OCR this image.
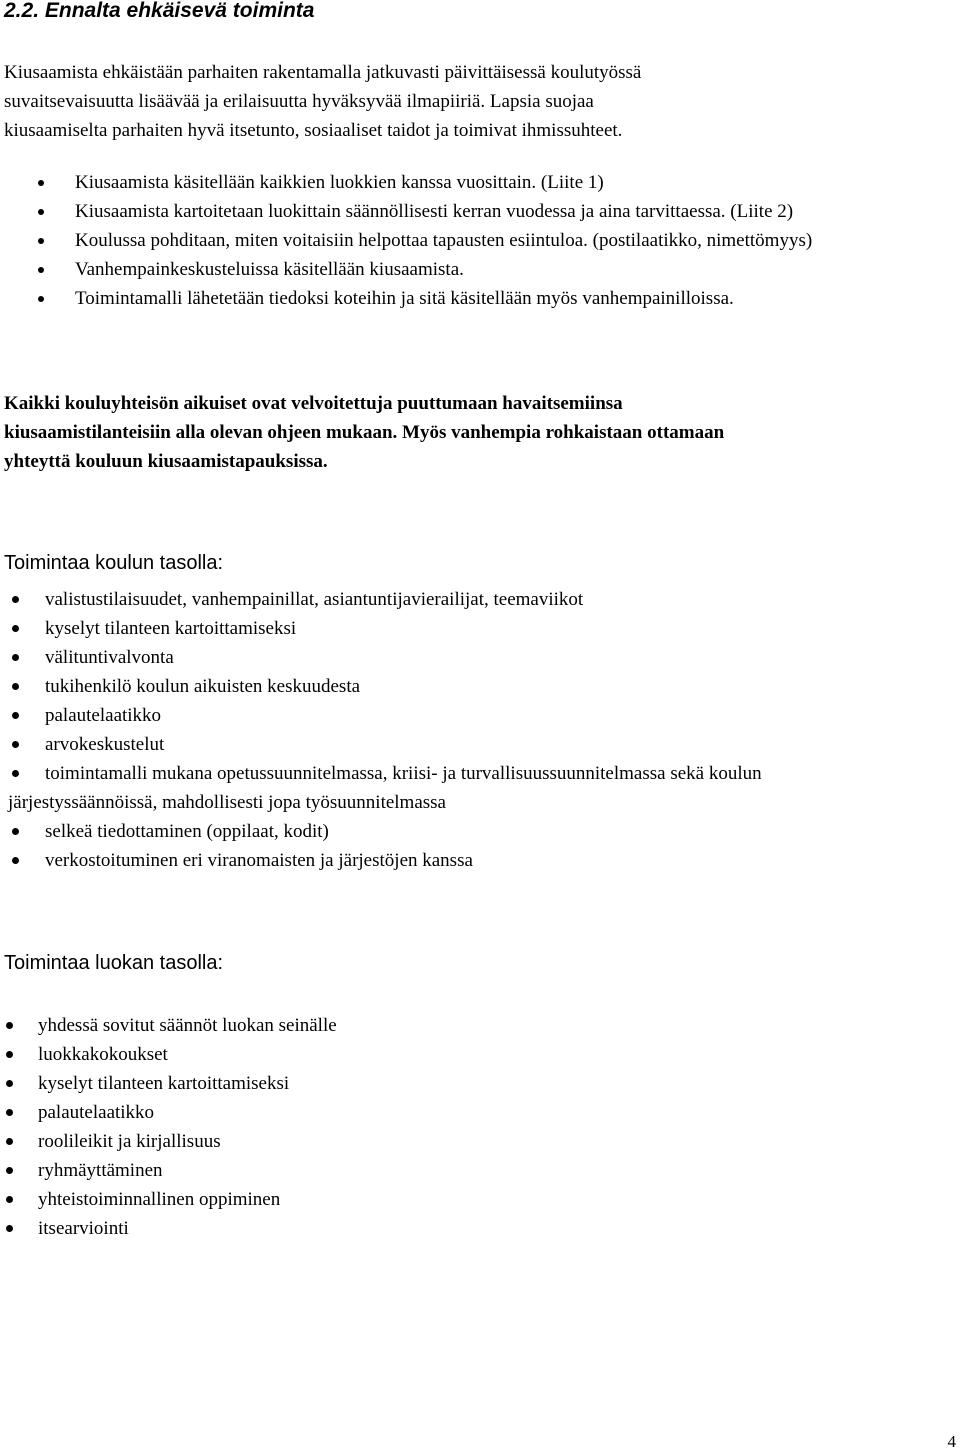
2.2. Ennalta ehkäisevä toiminta

Kiusaamista ehkäistään parhaiten rakentamalla jatkuvasti päivittäisessä koulutyössä
suvaitsevaisuutta lisäävää ja erilaisuutta hyväksyvää ilmapiiriä. Lapsia suojaa
kiusaamiselta parhaiten hyvä itsetunto, sosiaaliset taidot ja toimivat ihmissuhteet.

Kiusaamista käsitellään kaikkien luokkien kanssa vuosittain. (Liite 1)
Kiusaamista kartoitetaan luokittain säännöllisesti kerran vuodessa ja aina tarvittaessa. (Liite 2)
Koulussa pohditaan, miten voitaisiin helpottaa tapausten esiintuloa. (postilaatikko, nimettömyys)
Vanhempainkeskusteluissa käsitellään kiusaamista.
Toimintamalli lähetetään tiedoksi koteihin ja sitä käsitellään myös vanhempainilloissa.

Kaikki kouluyhteisön aikuiset ovat velvoitettuja puuttumaan havaitsemiinsa
kiusaamistilanteisiin alla olevan ohjeen mukaan. Myös vanhempia rohkaistaan ottamaan
yhteyttä kouluun kiusaamistapauksissa.

Toimintaa koulun tasolla:
valistustilaisuudet, vanhempainillat, asiantuntijavierailijat, teemaviikot
kyselyt tilanteen kartoittamiseksi
välituntivalvonta
tukihenkilö koulun aikuisten keskuudesta
palautelaatikko
arvokeskustelut
toimintamalli mukana opetussuunnitelmassa, kriisi- ja turvallisuussuunnitelmassa sekä koulun
järjestyssäännöissä, mahdollisesti jopa työsuunnitelmassa
selkeä tiedottaminen (oppilaat, kodit)
verkostoituminen eri viranomaisten ja järjestöjen kanssa
Toimintaa luokan tasolla:
yhdessä sovitut säännöt luokan seinälle
luokkakokoukset
kyselyt tilanteen kartoittamiseksi
palautelaatikko
roolileikit ja kirjallisuus
ryhmäyttäminen
yhteistoiminnallinen oppiminen
itsearviointi
4
